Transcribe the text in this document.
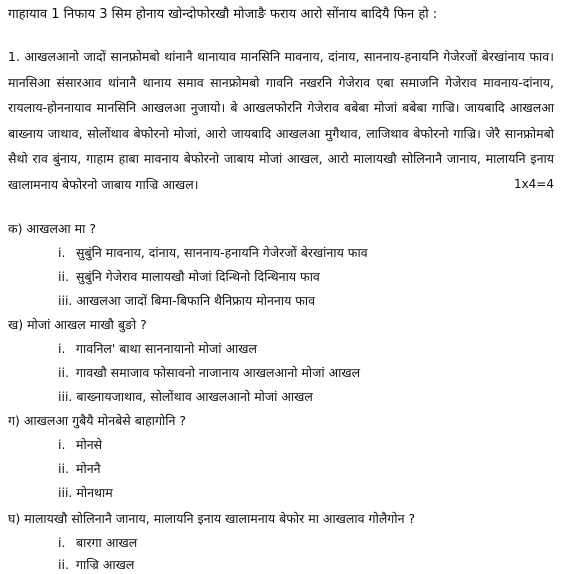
गाहायाव 1 निफाय 3 सिम होनाय खोन्दोफोरखौ मोजाङै फराय आरो सोंनाय बादियै फिन हो :
1. आखलआनो जादों सानफ्रोमबो थांनानै थानायाव मानसिनि मावनाय, दांनाय, साननाय-हनायनि गेजेरजों बेरखांनाय फाव। मानसिआ संसारआव थांनानै थानाय समाव सानफ्रोमबो गावनि नखरनि गेजेराव एबा समाजनि गेजेराव मावनाय-दांनाय, रायलाय-होननायाव मानसिनि आखलआ नुजायो। बे आखलफोरनि गेजेराव बबेबा मोजां बबेबा गाज्रि। जायबादि आखलआ बाख्नाय जाथाव, सोलोंथाव बेफोरनो मोजां, आरो जायबादि आखलआ मुगैथाव, लाजिथाव बेफोरनो गाज्रि। जेरै सानफ्रोमबो सैथो राव बुंनाय, गाहाम हाबा मावनाय बेफोरनो जाबाय मोजां आखल, आरो मालायखौ सोलिनानै जानाय, मालायनि इनाय खालामनाय बेफोरनो जाबाय गाज्रि आखल।	1x4=4
क) आखलआ मा ?
i. सुबुंनि मावनाय, दांनाय, साननाय-हनायनि गेजेरजों बेरखांनाय फाव
ii. सुबुंनि गेजेराव मालायखौ मोजां दिन्थिनो दिन्थिनाय फाव
iii. आखलआ जादों बिमा-बिफानि थैनिफ्राय मोननाय फाव
ख) मोजां आखल माखौ बुङो ?
i. गावनिल' बाथा साननायानो मोजां आखल
ii. गावखौ समाजाव फोसावनो नाजानाय आखलआनो मोजां आखल
iii. बाख्नायजाथाव, सोलोंथाव आखलआनो मोजां आखल
ग) आखलआ गुबैयै मोनबेसे बाहागोनि ?
i. मोनसे
ii. मोननै
iii. मोनथाम
घ) मालायखौ सोलिनानै जानाय, मालायनि इनाय खालामनाय बेफोर मा आखलाव गोलैगोन ?
i. बारगा आखल
ii. गाज्रि आखल
